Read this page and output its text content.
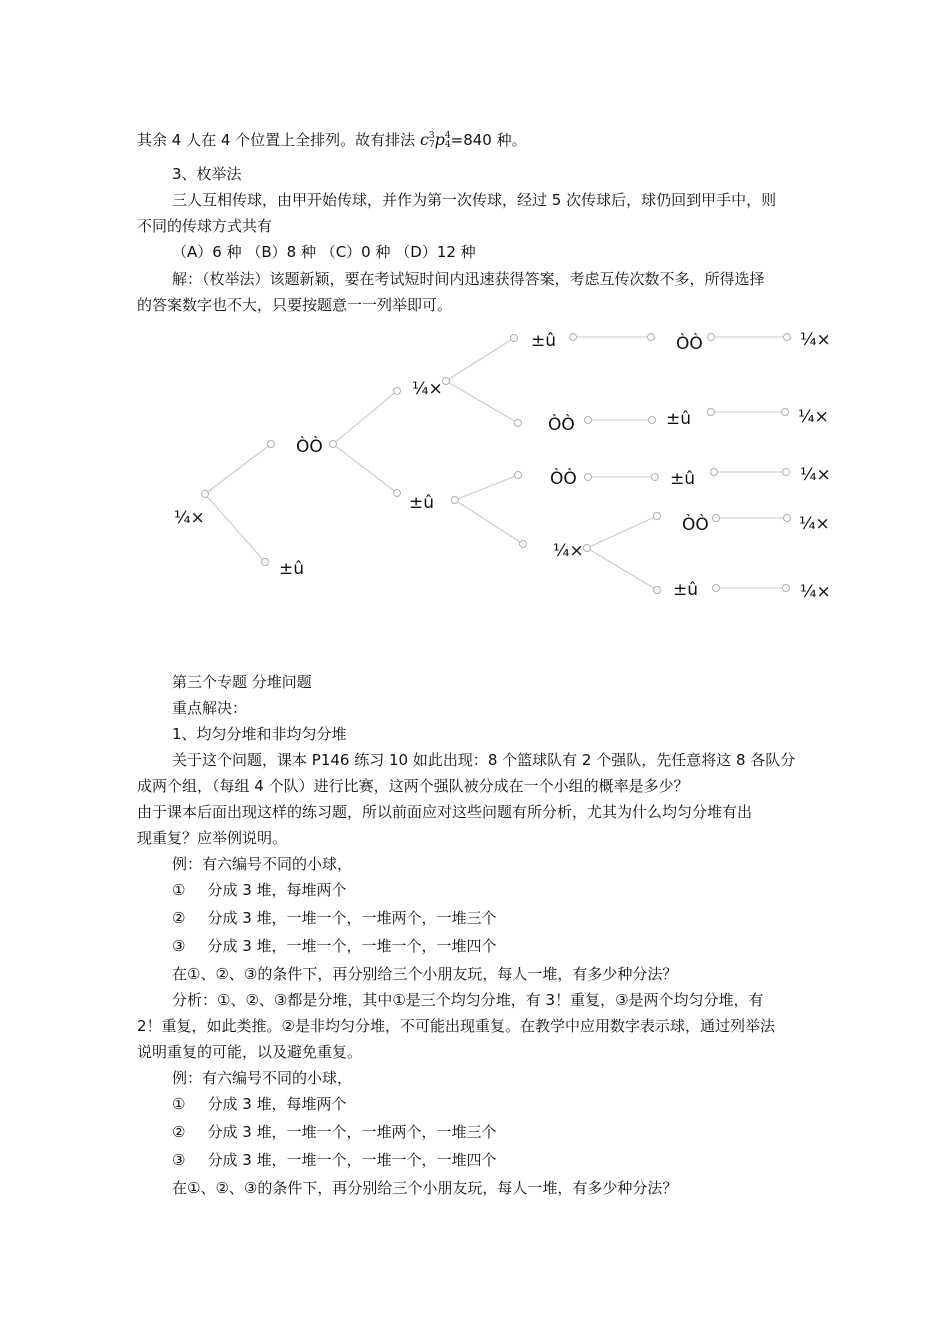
其余 4 人在 4 个位置上全排列。故有排法 c3
7p4
4=840 种。
3、枚举法
三人互相传球，由甲开始传球，并作为第一次传球，经过 5 次传球后，球仍回到甲手中，则
不同的传球方式共有
（A）6 种 （B）8 种 （C）0 种 （D）12 种
解：（枚举法）该题新颖，要在考试短时间内迅速获得答案，考虑互传次数不多，所得选择
的答案数字也不大，只要按题意一一列举即可。
¼×
ÒÒ
±û
¼×
±û
±û
ÒÒ
ÒÒ
¼×
ÒÒ
±û
±û
ÒÒ
±û
¼×
¼×
¼×
¼×
¼×
第三个专题 分堆问题
重点解决：
1、均匀分堆和非均匀分堆
关于这个问题，课本 P146 练习 10 如此出现：8 个篮球队有 2 个强队，先任意将这 8 各队分
成两个组，（每组 4 个队）进行比赛，这两个强队被分成在一个小组的概率是多少？
由于课本后面出现这样的练习题，所以前面应对这些问题有所分析，尤其为什么均匀分堆有出
现重复？应举例说明。
例：有六编号不同的小球，
① 分成 3 堆，每堆两个
② 分成 3 堆，一堆一个，一堆两个，一堆三个
③ 分成 3 堆，一堆一个，一堆一个，一堆四个
在①、②、③的条件下，再分别给三个小朋友玩，每人一堆，有多少种分法？
分析：①、②、③都是分堆，其中①是三个均匀分堆，有 3！重复，③是两个均匀分堆，有
2！重复，如此类推。②是非均匀分堆，不可能出现重复。在教学中应用数字表示球，通过列举法
说明重复的可能，以及避免重复。
例：有六编号不同的小球，
① 分成 3 堆，每堆两个
② 分成 3 堆，一堆一个，一堆两个，一堆三个
③ 分成 3 堆，一堆一个，一堆一个，一堆四个
在①、②、③的条件下，再分别给三个小朋友玩，每人一堆，有多少种分法？
